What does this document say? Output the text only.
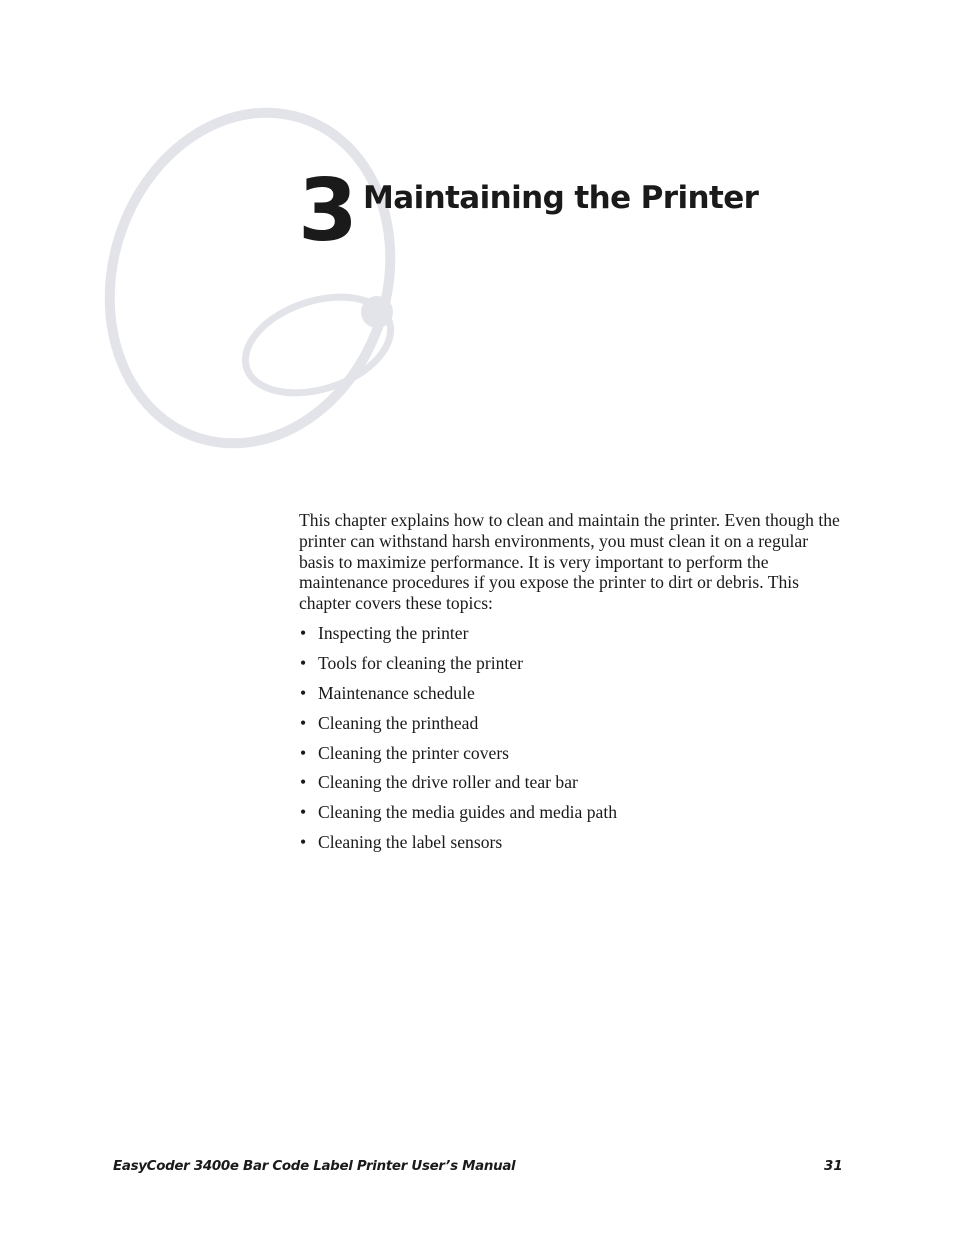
3 Maintaining the Printer

This chapter explains how to clean and maintain the printer. Even though the printer can withstand harsh environments, you must clean it on a regular basis to maximize performance. It is very important to perform the maintenance procedures if you expose the printer to dirt or debris. This chapter covers these topics:

• Inspecting the printer
• Tools for cleaning the printer
• Maintenance schedule
• Cleaning the printhead
• Cleaning the printer covers
• Cleaning the drive roller and tear bar
• Cleaning the media guides and media path
• Cleaning the label sensors
EasyCoder 3400e Bar Code Label Printer User’s Manual	31
